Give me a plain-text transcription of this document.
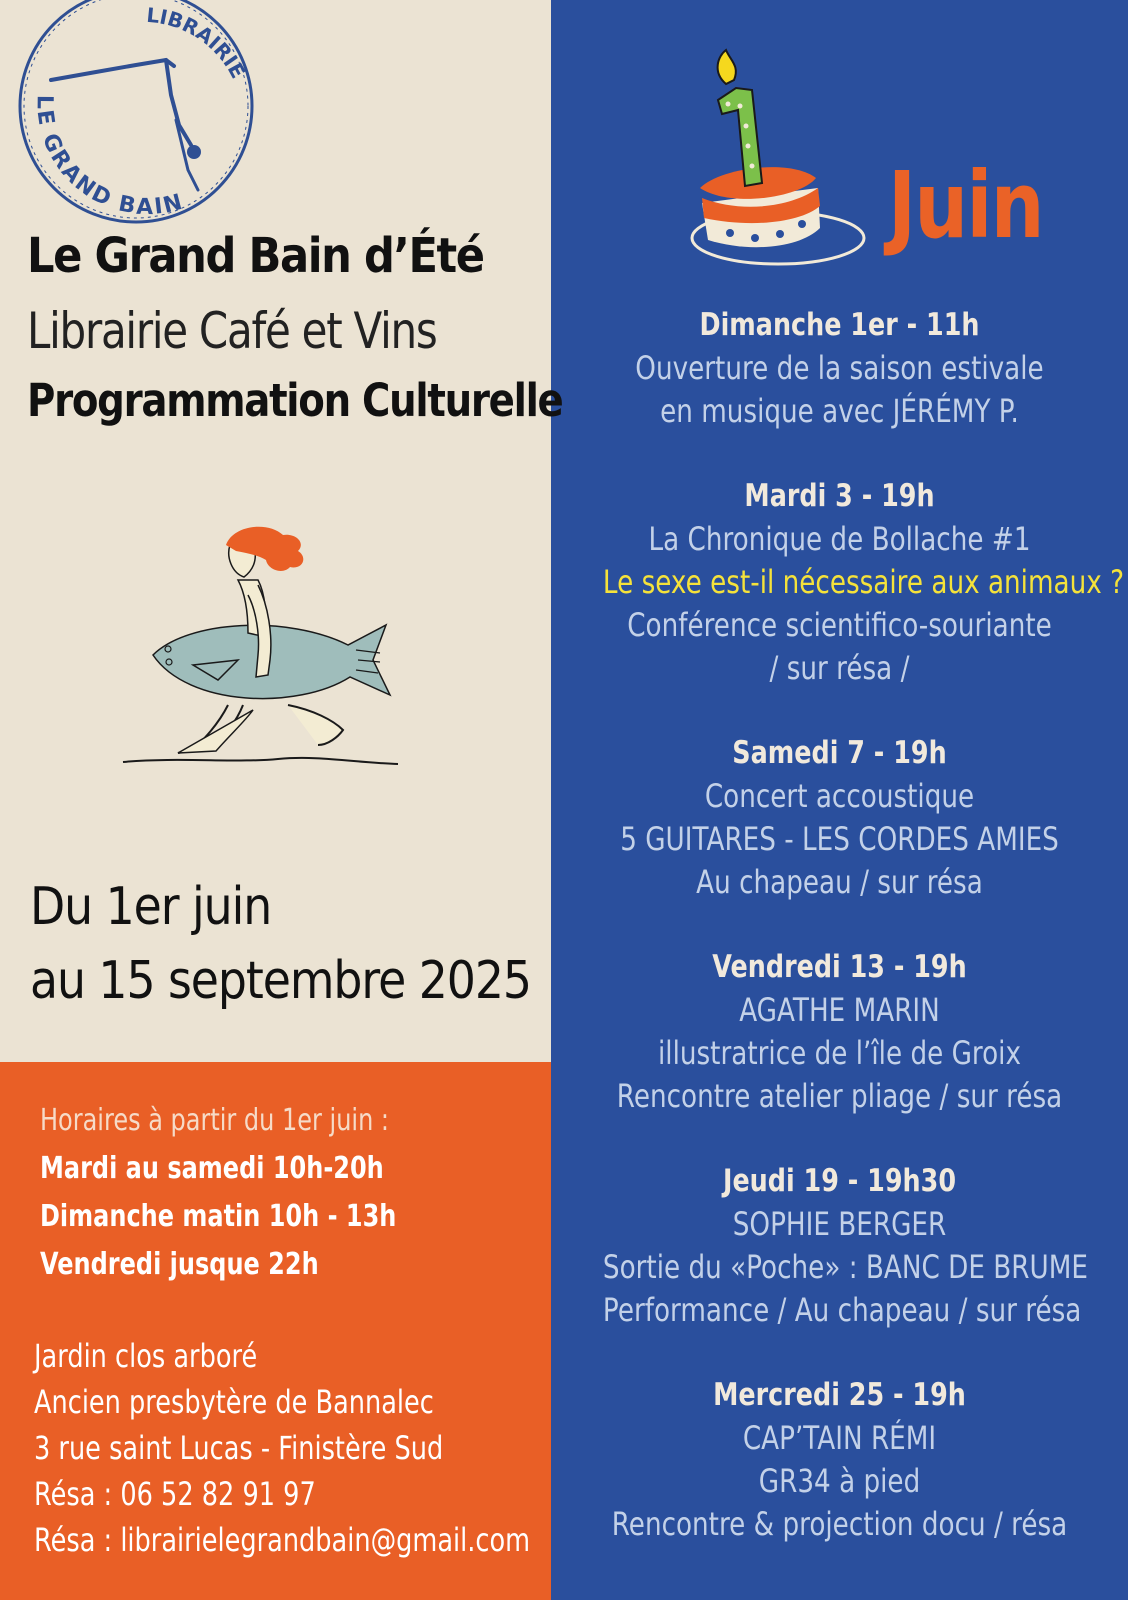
LIBRAIRIE
LE GRAND BAIN
Le Grand Bain d’Été
Librairie Café et Vins
Programmation Culturelle
Du 1er juin
au 15 septembre 2025
Horaires à partir du 1er juin :
Mardi au samedi 10h-20h
Dimanche matin 10h - 13h
Vendredi jusque 22h
Jardin clos arboré
Ancien presbytère de Bannalec
3 rue saint Lucas - Finistère Sud
Résa : 06 52 82 91 97
Résa : librairielegrandbain@gmail.com
Juin
Dimanche 1er - 11h
Ouverture de la saison estivale
en musique avec JÉRÉMY P.
Mardi 3 - 19h
La Chronique de Bollache #1
Le sexe est-il nécessaire aux animaux ?
Conférence scientifico-souriante
/ sur résa /
Samedi 7 - 19h
Concert accoustique
5 GUITARES - LES CORDES AMIES
Au chapeau / sur résa
Vendredi 13 - 19h
AGATHE MARIN
illustratrice de l’île de Groix
Rencontre atelier pliage / sur résa
Jeudi 19 - 19h30
SOPHIE BERGER
Sortie du «Poche» : BANC DE BRUME
Performance / Au chapeau / sur résa
Mercredi 25 - 19h
CAP’TAIN RÉMI
GR34 à pied
Rencontre & projection docu / résa
